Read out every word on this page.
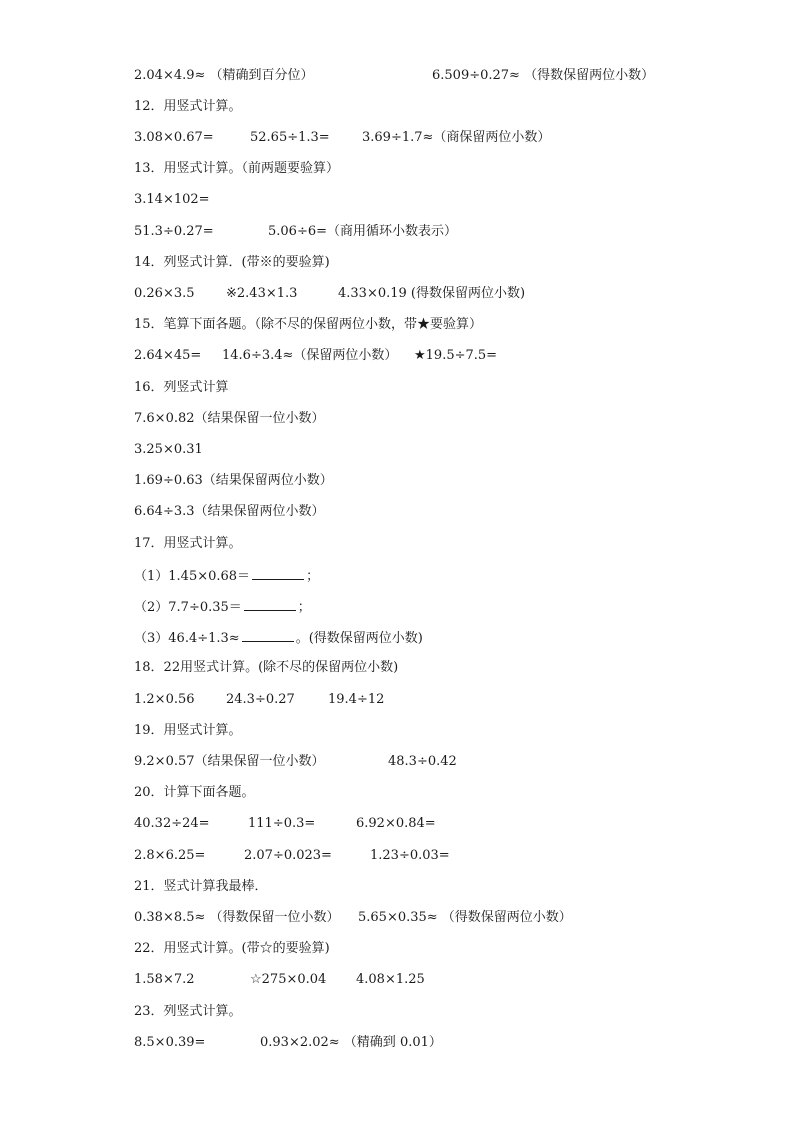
2.04×4.9≈ （精确到百分位）	6.509÷0.27≈ （得数保留两位小数）
12．用竖式计算。
3.08×0.67=	52.65÷1.3= 3.69÷1.7≈（商保留两位小数）
13．用竖式计算。（前两题要验算）
3.14×102=
51.3÷0.27=	5.06÷6=（商用循环小数表示）
14．列竖式计算．(带※的要验算)
0.26×3.5 ※2.43×1.3	4.33×0.19 (得数保留两位小数)
15．笔算下面各题。（除不尽的保留两位小数，带★要验算）
2.64×45= 14.6÷3.4≈（保留两位小数） ★19.5÷7.5=
16．列竖式计算
7.6×0.82（结果保留一位小数）
3.25×0.31
1.69÷0.63（结果保留两位小数）
6.64÷3.3（结果保留两位小数）
17．用竖式计算。
（1）1.45×0.68＝	；
（2）7.7÷0.35＝	；
（3）46.4÷1.3≈	。(得数保留两位小数)
18．22用竖式计算。(除不尽的保留两位小数)
1.2×0.56 24.3÷0.27	19.4÷12
19．用竖式计算。
9.2×0.57（结果保留一位小数）	48.3÷0.42
20．计算下面各题。
40.32÷24=	111÷0.3=	6.92×0.84=
2.8×6.25=	2.07÷0.023=	1.23÷0.03=
21．竖式计算我最棒．
0.38×8.5≈ （得数保留一位小数） 5.65×0.35≈ （得数保留两位小数）
22．用竖式计算。(带☆的要验算)
1.58×7.2	☆275×0.04 4.08×1.25
23．列竖式计算。
8.5×0.39=	0.93×2.02≈ （精确到 0.01）
